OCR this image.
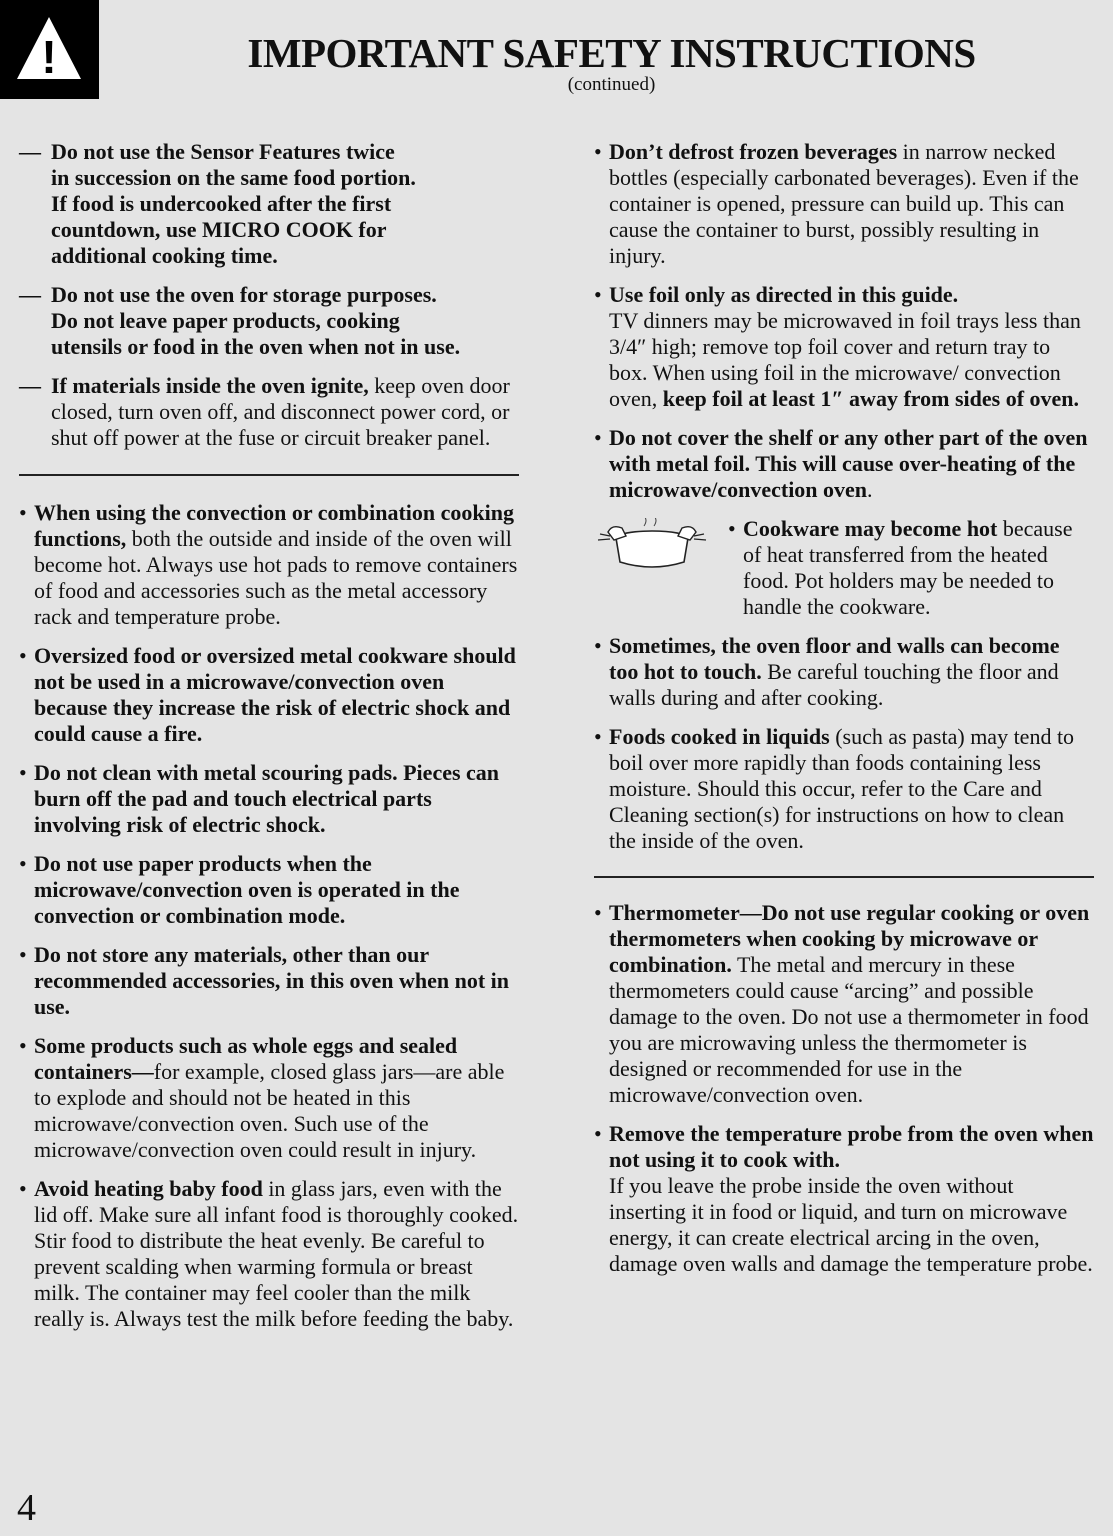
!	IMPORTANT SAFETY INSTRUCTIONS
(continued)
— Do not use the Sensor Features twice
in succession on the same food portion.
If food is undercooked after the first
countdown, use MICRO COOK for
additional cooking time.
— Do not use the oven for storage purposes.
Do not leave paper products, cooking
utensils or food in the oven when not in use.
— If materials inside the oven ignite, keep oven door closed, turn oven off, and disconnect power cord, or shut off power at the fuse or circuit breaker panel.
• When using the convection or combination cooking functions, both the outside and inside of the oven will become hot. Always use hot pads to remove containers of food and accessories such as the metal accessory rack and temperature probe.
• Oversized food or oversized metal cookware should not be used in a microwave/convection oven because they increase the risk of electric shock and could cause a fire.
• Do not clean with metal scouring pads. Pieces can burn off the pad and touch electrical parts involving risk of electric shock.
• Do not use paper products when the microwave/convection oven is operated in the convection or combination mode.
• Do not store any materials, other than our recommended accessories, in this oven when not in use.
• Some products such as whole eggs and sealed containers—for example, closed glass jars—are able to explode and should not be heated in this microwave/convection oven. Such use of the microwave/convection oven could result in injury.
• Avoid heating baby food in glass jars, even with the lid off. Make sure all infant food is thoroughly cooked. Stir food to distribute the heat evenly. Be careful to prevent scalding when warming formula or breast milk. The container may feel cooler than the milk really is. Always test the milk before feeding the baby.
• Don’t defrost frozen beverages in narrow necked bottles (especially carbonated beverages). Even if the container is opened, pressure can build up. This can cause the container to burst, possibly resulting in injury.
• Use foil only as directed in this guide.
TV dinners may be microwaved in foil trays less than 3/4″ high; remove top foil cover and return tray to box. When using foil in the microwave/ convection oven, keep foil at least 1″ away from sides of oven.
• Do not cover the shelf or any other part of the oven with metal foil. This will cause over-heating of the microwave/convection oven.
• Cookware may become hot because of heat transferred from the heated food. Pot holders may be needed to handle the cookware.
• Sometimes, the oven floor and walls can become too hot to touch. Be careful touching the floor and walls during and after cooking.
• Foods cooked in liquids (such as pasta) may tend to boil over more rapidly than foods containing less moisture. Should this occur, refer to the Care and Cleaning section(s) for instructions on how to clean the inside of the oven.
• Thermometer—Do not use regular cooking or oven thermometers when cooking by microwave or combination. The metal and mercury in these thermometers could cause “arcing” and possible damage to the oven. Do not use a thermometer in food you are microwaving unless the thermometer is designed or recommended for use in the microwave/convection oven.
• Remove the temperature probe from the oven when not using it to cook with.
If you leave the probe inside the oven without inserting it in food or liquid, and turn on microwave energy, it can create electrical arcing in the oven, damage oven walls and damage the temperature probe.
4
